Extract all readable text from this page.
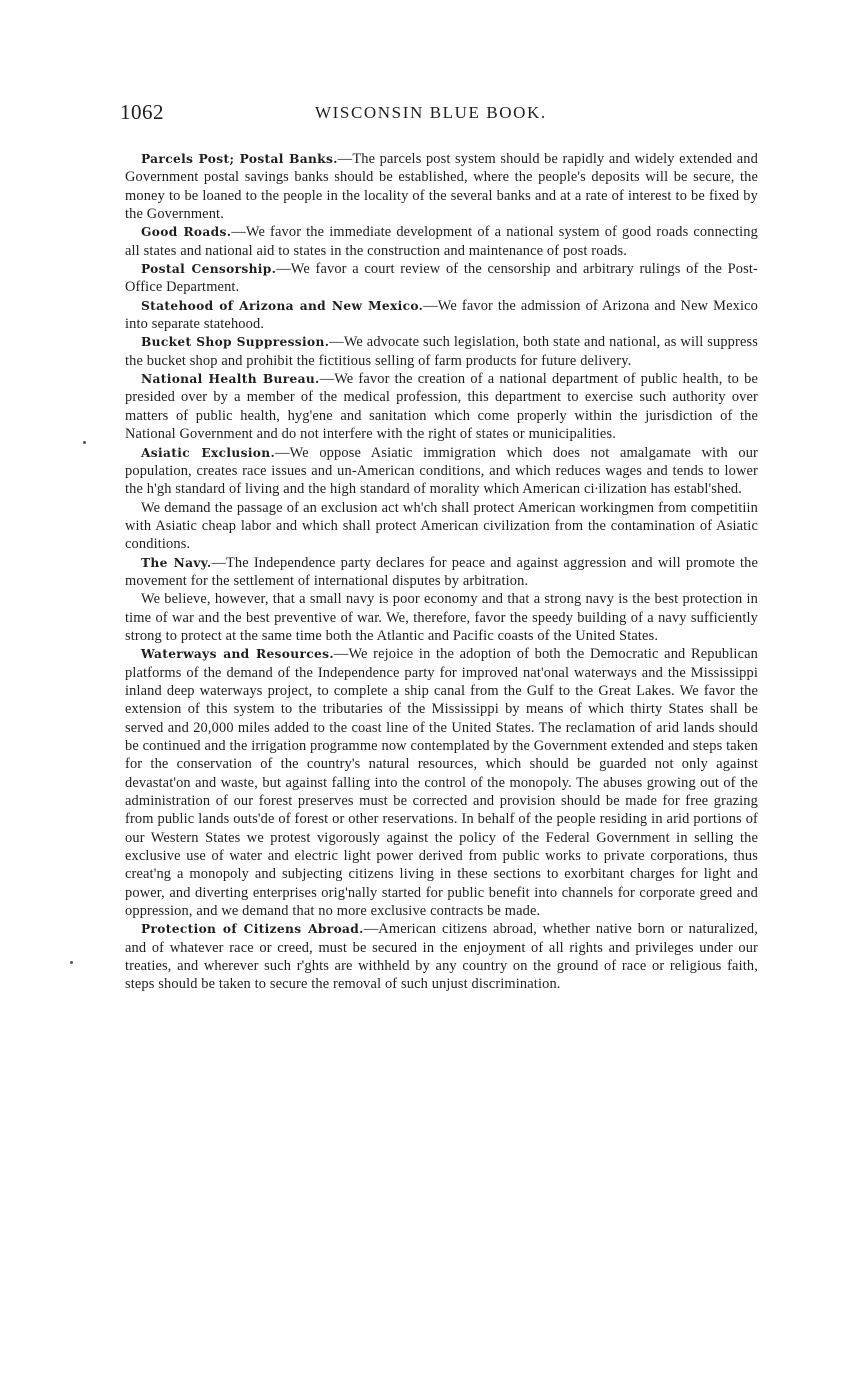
1062	WISCONSIN BLUE BOOK.

Parcels Post; Postal Banks.—The parcels post system should be rapidly and widely extended and Government postal savings banks should be established, where the people's deposits will be secure, the money to be loaned to the people in the locality of the several banks and at a rate of interest to be fixed by the Government.

Good Roads.—We favor the immediate development of a national system of good roads connecting all states and national aid to states in the construction and maintenance of post roads.

Postal Censorship.—We favor a court review of the censorship and arbitrary rulings of the Post-Office Department.

Statehood of Arizona and New Mexico.—We favor the admission of Arizona and New Mexico into separate statehood.

Bucket Shop Suppression.—We advocate such legislation, both state and national, as will suppress the bucket shop and prohibit the fictitious selling of farm products for future delivery.

National Health Bureau.—We favor the creation of a national department of public health, to be presided over by a member of the medical profession, this department to exercise such authority over matters of public health, hyg'ene and sanitation which come properly within the jurisdiction of the National Government and do not interfere with the right of states or municipalities.

Asiatic Exclusion.—We oppose Asiatic immigration which does not amalgamate with our population, creates race issues and un-American conditions, and which reduces wages and tends to lower the h'gh standard of living and the high standard of morality which American ci∙ilization has establ'shed.

We demand the passage of an exclusion act wh'ch shall protect American workingmen from competitiin with Asiatic cheap labor and which shall protect American civilization from the contamination of Asiatic conditions.

The Navy.—The Independence party declares for peace and against aggression and will promote the movement for the settlement of international disputes by arbitration.

We believe, however, that a small navy is poor economy and that a strong navy is the best protection in time of war and the best preventive of war. We, therefore, favor the speedy building of a navy sufficiently strong to protect at the same time both the Atlantic and Pacific coasts of the United States.

Waterways and Resources.—We rejoice in the adoption of both the Democratic and Republican platforms of the demand of the Independence party for improved nat'onal waterways and the Mississippi inland deep waterways project, to complete a ship canal from the Gulf to the Great Lakes. We favor the extension of this system to the tributaries of the Mississippi by means of which thirty States shall be served and 20,000 miles added to the coast line of the United States. The reclamation of arid lands should be continued and the irrigation programme now contemplated by the Government extended and steps taken for the conservation of the country's natural resources, which should be guarded not only against devastat'on and waste, but against falling into the control of the monopoly. The abuses growing out of the administration of our forest preserves must be corrected and provision should be made for free grazing from public lands outs'de of forest or other reservations. In behalf of the people residing in arid portions of our Western States we protest vigorously against the policy of the Federal Government in selling the exclusive use of water and electric light power derived from public works to private corporations, thus creat'ng a monopoly and subjecting citizens living in these sections to exorbitant charges for light and power, and diverting enterprises orig'nally started for public benefit into channels for corporate greed and oppression, and we demand that no more exclusive contracts be made.

Protection of Citizens Abroad.—American citizens abroad, whether native born or naturalized, and of whatever race or creed, must be secured in the enjoyment of all rights and privileges under our treaties, and wherever such r'ghts are withheld by any country on the ground of race or religious faith, steps should be taken to secure the removal of such unjust discrimination.
